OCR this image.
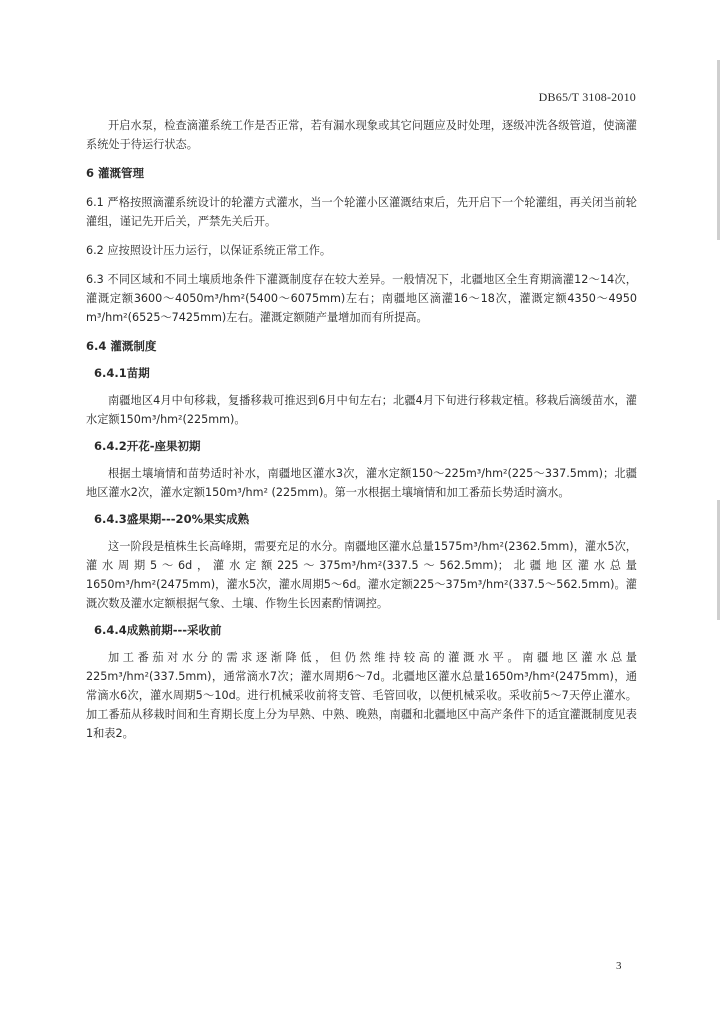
DB65/T 3108-2010

开启水泵，检查滴灌系统工作是否正常，若有漏水现象或其它问题应及时处理，逐级冲洗各级管道，使滴灌系统处于待运行状态。

6 灌溉管理

6.1 严格按照滴灌系统设计的轮灌方式灌水，当一个轮灌小区灌溉结束后，先开启下一个轮灌组，再关闭当前轮灌组，谨记先开后关，严禁先关后开。

6.2 应按照设计压力运行，以保证系统正常工作。

6.3 不同区域和不同土壤质地条件下灌溉制度存在较大差异。一般情况下，北疆地区全生育期滴灌12～14次，灌溉定额3600～4050m³/hm²(5400～6075mm)左右；南疆地区滴灌16～18次，灌溉定额4350～4950 m³/hm²(6525～7425mm)左右。灌溉定额随产量增加而有所提高。

6.4 灌溉制度

6.4.1苗期

南疆地区4月中旬移栽，复播移栽可推迟到6月中旬左右；北疆4月下旬进行移栽定植。移栽后滴缓苗水，灌水定额150m³/hm²(225mm)。

6.4.2开花-座果初期

根据土壤墒情和苗势适时补水，南疆地区灌水3次，灌水定额150～225m³/hm²(225～337.5mm)；北疆地区灌水2次，灌水定额150m³/hm² (225mm)。第一水根据土壤墒情和加工番茄长势适时滴水。

6.4.3盛果期---20%果实成熟

这一阶段是植株生长高峰期，需要充足的水分。南疆地区灌水总量1575m³/hm²(2362.5mm)，灌水5次，灌水周期5～6d，灌水定额225～375m³/hm²(337.5～562.5mm)；北疆地区灌水总量1650m³/hm²(2475mm)，灌水5次，灌水周期5～6d。灌水定额225～375m³/hm²(337.5～562.5mm)。灌溉次数及灌水定额根据气象、土壤、作物生长因素酌情调控。

6.4.4成熟前期---采收前

加工番茄对水分的需求逐渐降低，但仍然维持较高的灌溉水平。南疆地区灌水总量225m³/hm²(337.5mm)，通常滴水7次；灌水周期6～7d。北疆地区灌水总量1650m³/hm²(2475mm)，通常滴水6次，灌水周期5～10d。进行机械采收前将支管、毛管回收，以便机械采收。采收前5～7天停止灌水。加工番茄从移栽时间和生育期长度上分为早熟、中熟、晚熟，南疆和北疆地区中高产条件下的适宜灌溉制度见表1和表2。

3
